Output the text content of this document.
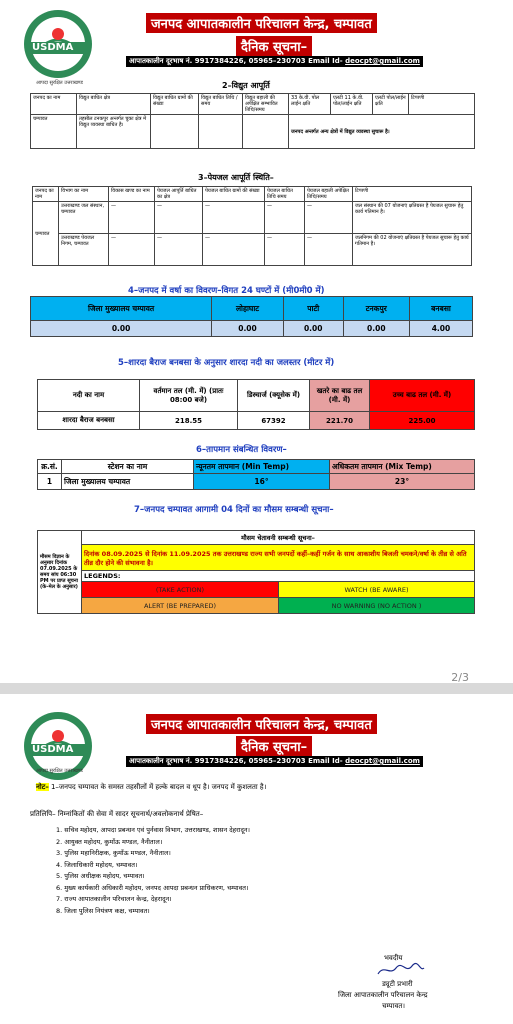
USDMA
आपदा सुरक्षित उत्तराखण्ड
जनपद आपातकालीन परिचालन केन्द्र, चम्पावत
दैनिक सूचना–
आपातकालीन दूरभाष नं. 9917384226, 05965–230703 Email Id- deocpt@gmail.com
2–विद्युत आपूर्ति
जनपद का नाम	विद्युत बाधित क्षेत्र	विद्युत बाधित ग्रामों की संख्या	विद्युत बाधित तिथि / समय	विद्युत बहाली की अपेक्षित सम्भावित तिथि/समय	33 के.वी. पोल लाईन क्षति	एलटी 11 के.वी. पोल/लाईन क्षति	एलटी पोल/लाईन क्षति	टिप्पणी
चम्पावत	तहसील टनकपुर अन्तर्गत चुका क्षेत्र में विद्युत व्यवस्था बाधित है।				जनपद अन्तर्गत अन्य क्षेत्रों में विद्युत व्यवस्था सुचारू है।			
3–पेयजल आपूर्ति स्थिति–
जनपद का नाम	विभाग का नाम	विकास खण्ड का नाम	पेयजल आपूर्ति बाधित का क्षेत्र	पेयजल बाधित ग्रामों की संख्या	पेयजल बाधित तिथि समय	पेयजल बहाली अपेक्षित तिथि/समय	टिप्पणी
चम्पावत	उत्तराखण्ड जल संस्थान, चम्पावत	—	—	—	—	—	जल संस्थान की 07 योजनाएं क्षतिग्रस्त है पेयजल सुचारू हेतु कार्य गतिमान है।
	उत्तराखण्ड पेयजल निगम, चम्पावत	—	—	—	—	—	जलनिगम की 02 योजनाएं क्षतिग्रस्त है पेयजल सुचारू हेतु कार्य गतिमान है।
4–जनपद में वर्षा का विवरण–विगत 24 घण्टों में (मी0मी0 में)
जिला मुख्यालय चम्पावत	लोहाघाट	पाटी	टनकपुर	बनबसा
0.00	0.00	0.00	0.00	4.00
5–शारदा बैराज बनबसा के अनुसार शारदा नदी का जलस्तर (मीटर में)
नदी का नाम	वर्तमान तल (मी. में) (प्रातः 08:00 बजे)	डिस्चार्ज (क्यूसेक में)	खतरे का बाढ तल (मी. में)	उच्च बाढ तल (मी. में)
शारदा बैराज बनबसा	218.55	67392	221.70	225.00
6–तापमान संबन्धित विवरण–
क्र.सं.	स्टेशन का नाम	न्यूनतम तापमान (Min Temp)	अधिकतम तापमान (Mix Temp)
1	जिला मुख्यालय चम्पावत	16°	23°
7–जनपद चम्पावत आगामी 04 दिनों का मौसम सम्बन्धी सूचना–
मौसम विज्ञान के अनुसार दिनांक 07.09.2025 के समय सांय 06:30 PM पर प्राप्त सूचना (के–मेल के अनुसार)	मौसम चेतावनी सम्बन्धी सूचना–	
	दिनांक 08.09.2025 से दिनांक 11.09.2025 तक उत्तराखण्ड राज्य सभी जनपदों कहीं–कहीं गर्जन के साथ आकाशीय बिजली चमकने/वर्षा के तीव्र से अति तीव्र दौर होने की संभावना है।	
	LEGENDS:	
	(TAKE ACTION)	WATCH (BE AWARE)
	ALERT (BE PREPARED)	NO WARNING (NO ACTION )
2/3
USDMA
आपदा सुरक्षित उत्तराखण्ड
जनपद आपातकालीन परिचालन केन्द्र, चम्पावत
दैनिक सूचना–
आपातकालीन दूरभाष नं. 9917384226, 05965–230703 Email Id- deocpt@gmail.com
नोट– 1–जनपद चम्पावत के समस्त तहसीलों में हल्के बादल व धूप है। जनपद में कुशलता है।
प्रतिलिपि– निम्नांकितों की सेवा में सादर सूचनार्थ/अवलोकनार्थ प्रेषित–
1. सचिव महोदय, आपदा प्रबन्धन एवं पुर्नवास विभाग, उत्तराखण्ड, शासन देहरादून।
2. आयुक्त महोदय, कुमाँऊ मण्डल, नैनीताल।
3. पुलिस महानिरीक्षक, कुमाँऊ मण्डल, नैनीताल।
4. जिलाधिकारी महोदय, चम्पावत।
5. पुलिस अधीक्षक महोदय, चम्पावत।
6. मुख्य कार्यकारी अधिकारी महोदय, जनपद आपदा प्रबन्धन प्राधिकरण, चम्पावत।
7. राज्य आपातकालीन परिचालन केन्द्र, देहरादून।
8. जिला पुलिस नियंत्रण कक्ष, चम्पावत।
भवदीय
ड्यूटी प्रभारी
जिला आपातकालीन परिचालन केन्द्र
चम्पावत।
